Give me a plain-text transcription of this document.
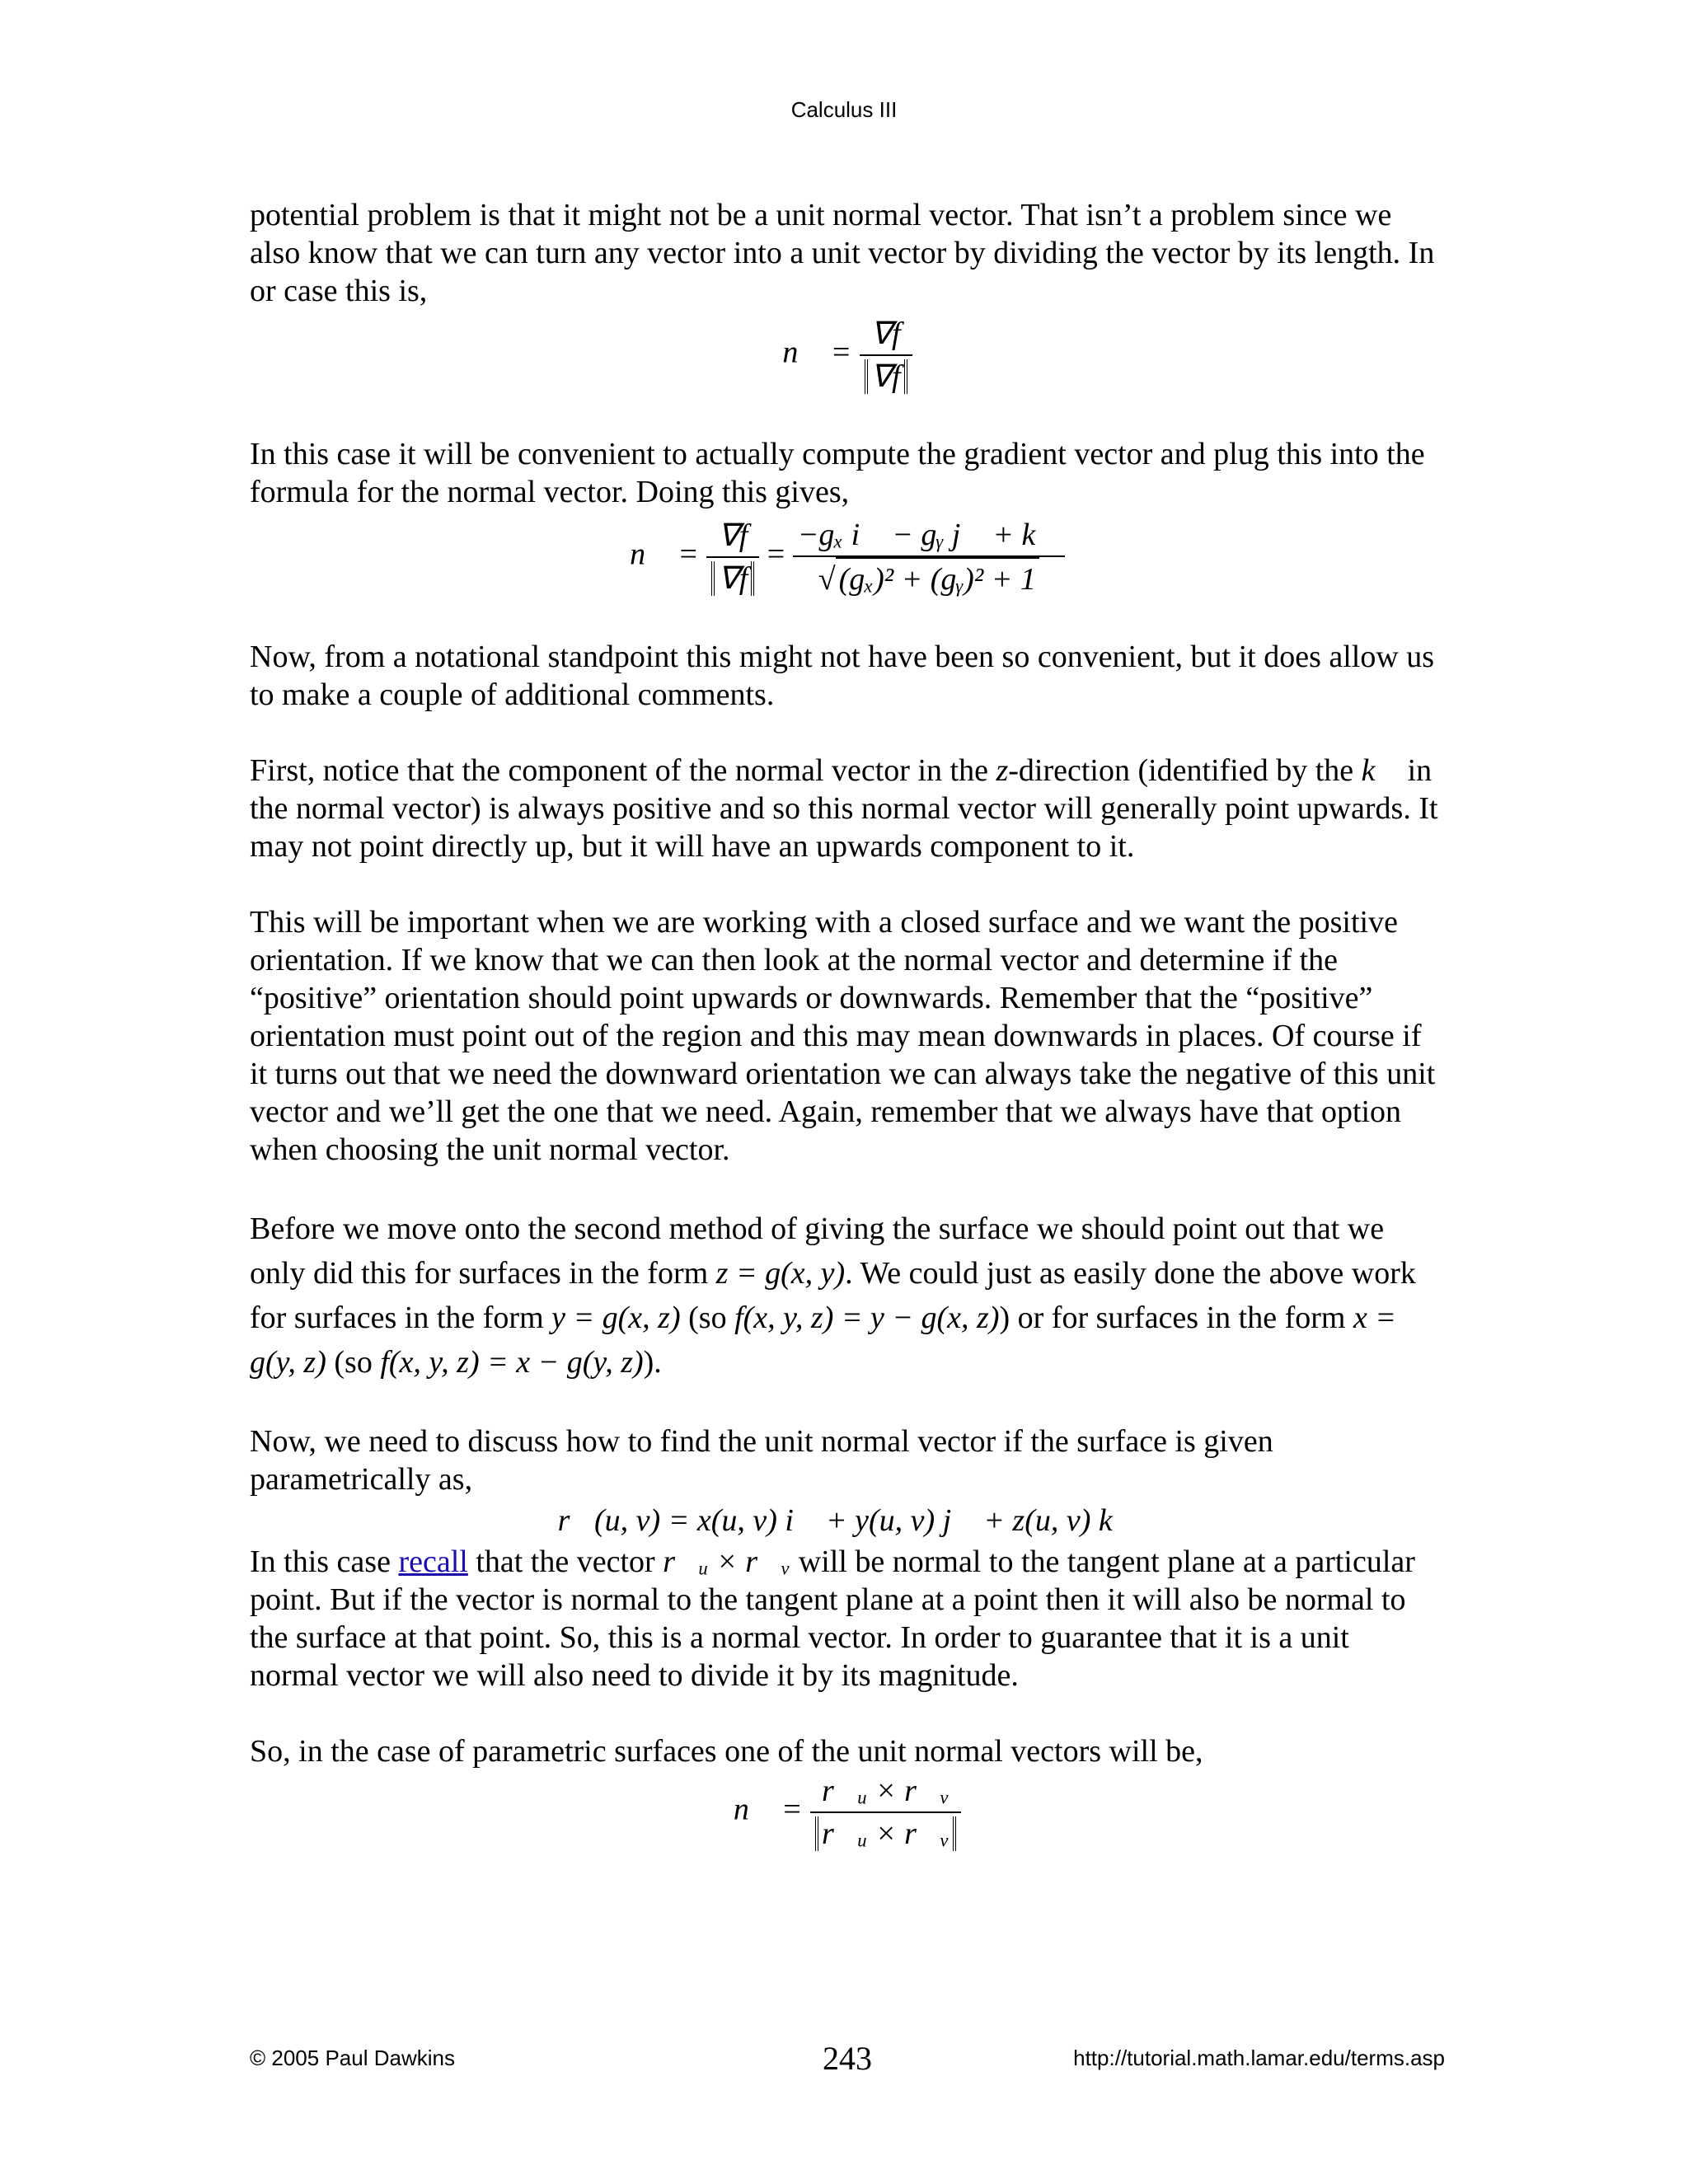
Calculus III

potential problem is that it might not be a unit normal vector. That isn’t a problem since we also know that we can turn any vector into a unit vector by dividing the vector by its length. In or case this is,

n⃗ = $\frac{\nabla f}{\nabla f}$

In this case it will be convenient to actually compute the gradient vector and plug this into the formula for the normal vector. Doing this gives,

n⃗ = $\frac{\nabla f}{\nabla f} = \frac{\text{−gₓ i⃗ − gᵧ j⃗ + k⃗}}{\text{√ (gₓ)² + (gᵧ)² + 1}}$

Now, from a notational standpoint this might not have been so convenient, but it does allow us to make a couple of additional comments.

First, notice that the component of the normal vector in the z-direction (identified by the k⃗ in the normal vector) is always positive and so this normal vector will generally point upwards. It may not point directly up, but it will have an upwards component to it.

This will be important when we are working with a closed surface and we want the positive orientation. If we know that we can then look at the normal vector and determine if the “positive” orientation should point upwards or downwards. Remember that the “positive” orientation must point out of the region and this may mean downwards in places. Of course if it turns out that we need the downward orientation we can always take the negative of this unit vector and we’ll get the one that we need. Again, remember that we always have that option when choosing the unit normal vector.

Before we move onto the second method of giving the surface we should point out that we only did this for surfaces in the form z = g(x, y). We could just as easily done the above work for surfaces in the form y = g(x, z) (so f(x, y, z) = y − g(x, z)) or for surfaces in the form x = g(y, z) (so f(x, y, z) = x − g(y, z)).

Now, we need to discuss how to find the unit normal vector if the surface is given parametrically as,

r⃗(u, v) = x(u, v) i⃗ + y(u, v) j⃗ + z(u, v) k⃗

In this case recall that the vector r⃗ᵤ × r⃗ᵥ will be normal to the tangent plane at a particular point. But if the vector is normal to the tangent plane at a point then it will also be normal to the surface at that point. So, this is a normal vector. In order to guarantee that it is a unit normal vector we will also need to divide it by its magnitude.

So, in the case of parametric surfaces one of the unit normal vectors will be,

n⃗ = $\frac{\text{r⃗ᵤ × r⃗ᵥ}}{\text{r⃗ᵤ × r⃗ᵥ}}$
© 2005 Paul Dawkins	243	http://tutorial.math.lamar.edu/terms.asp
